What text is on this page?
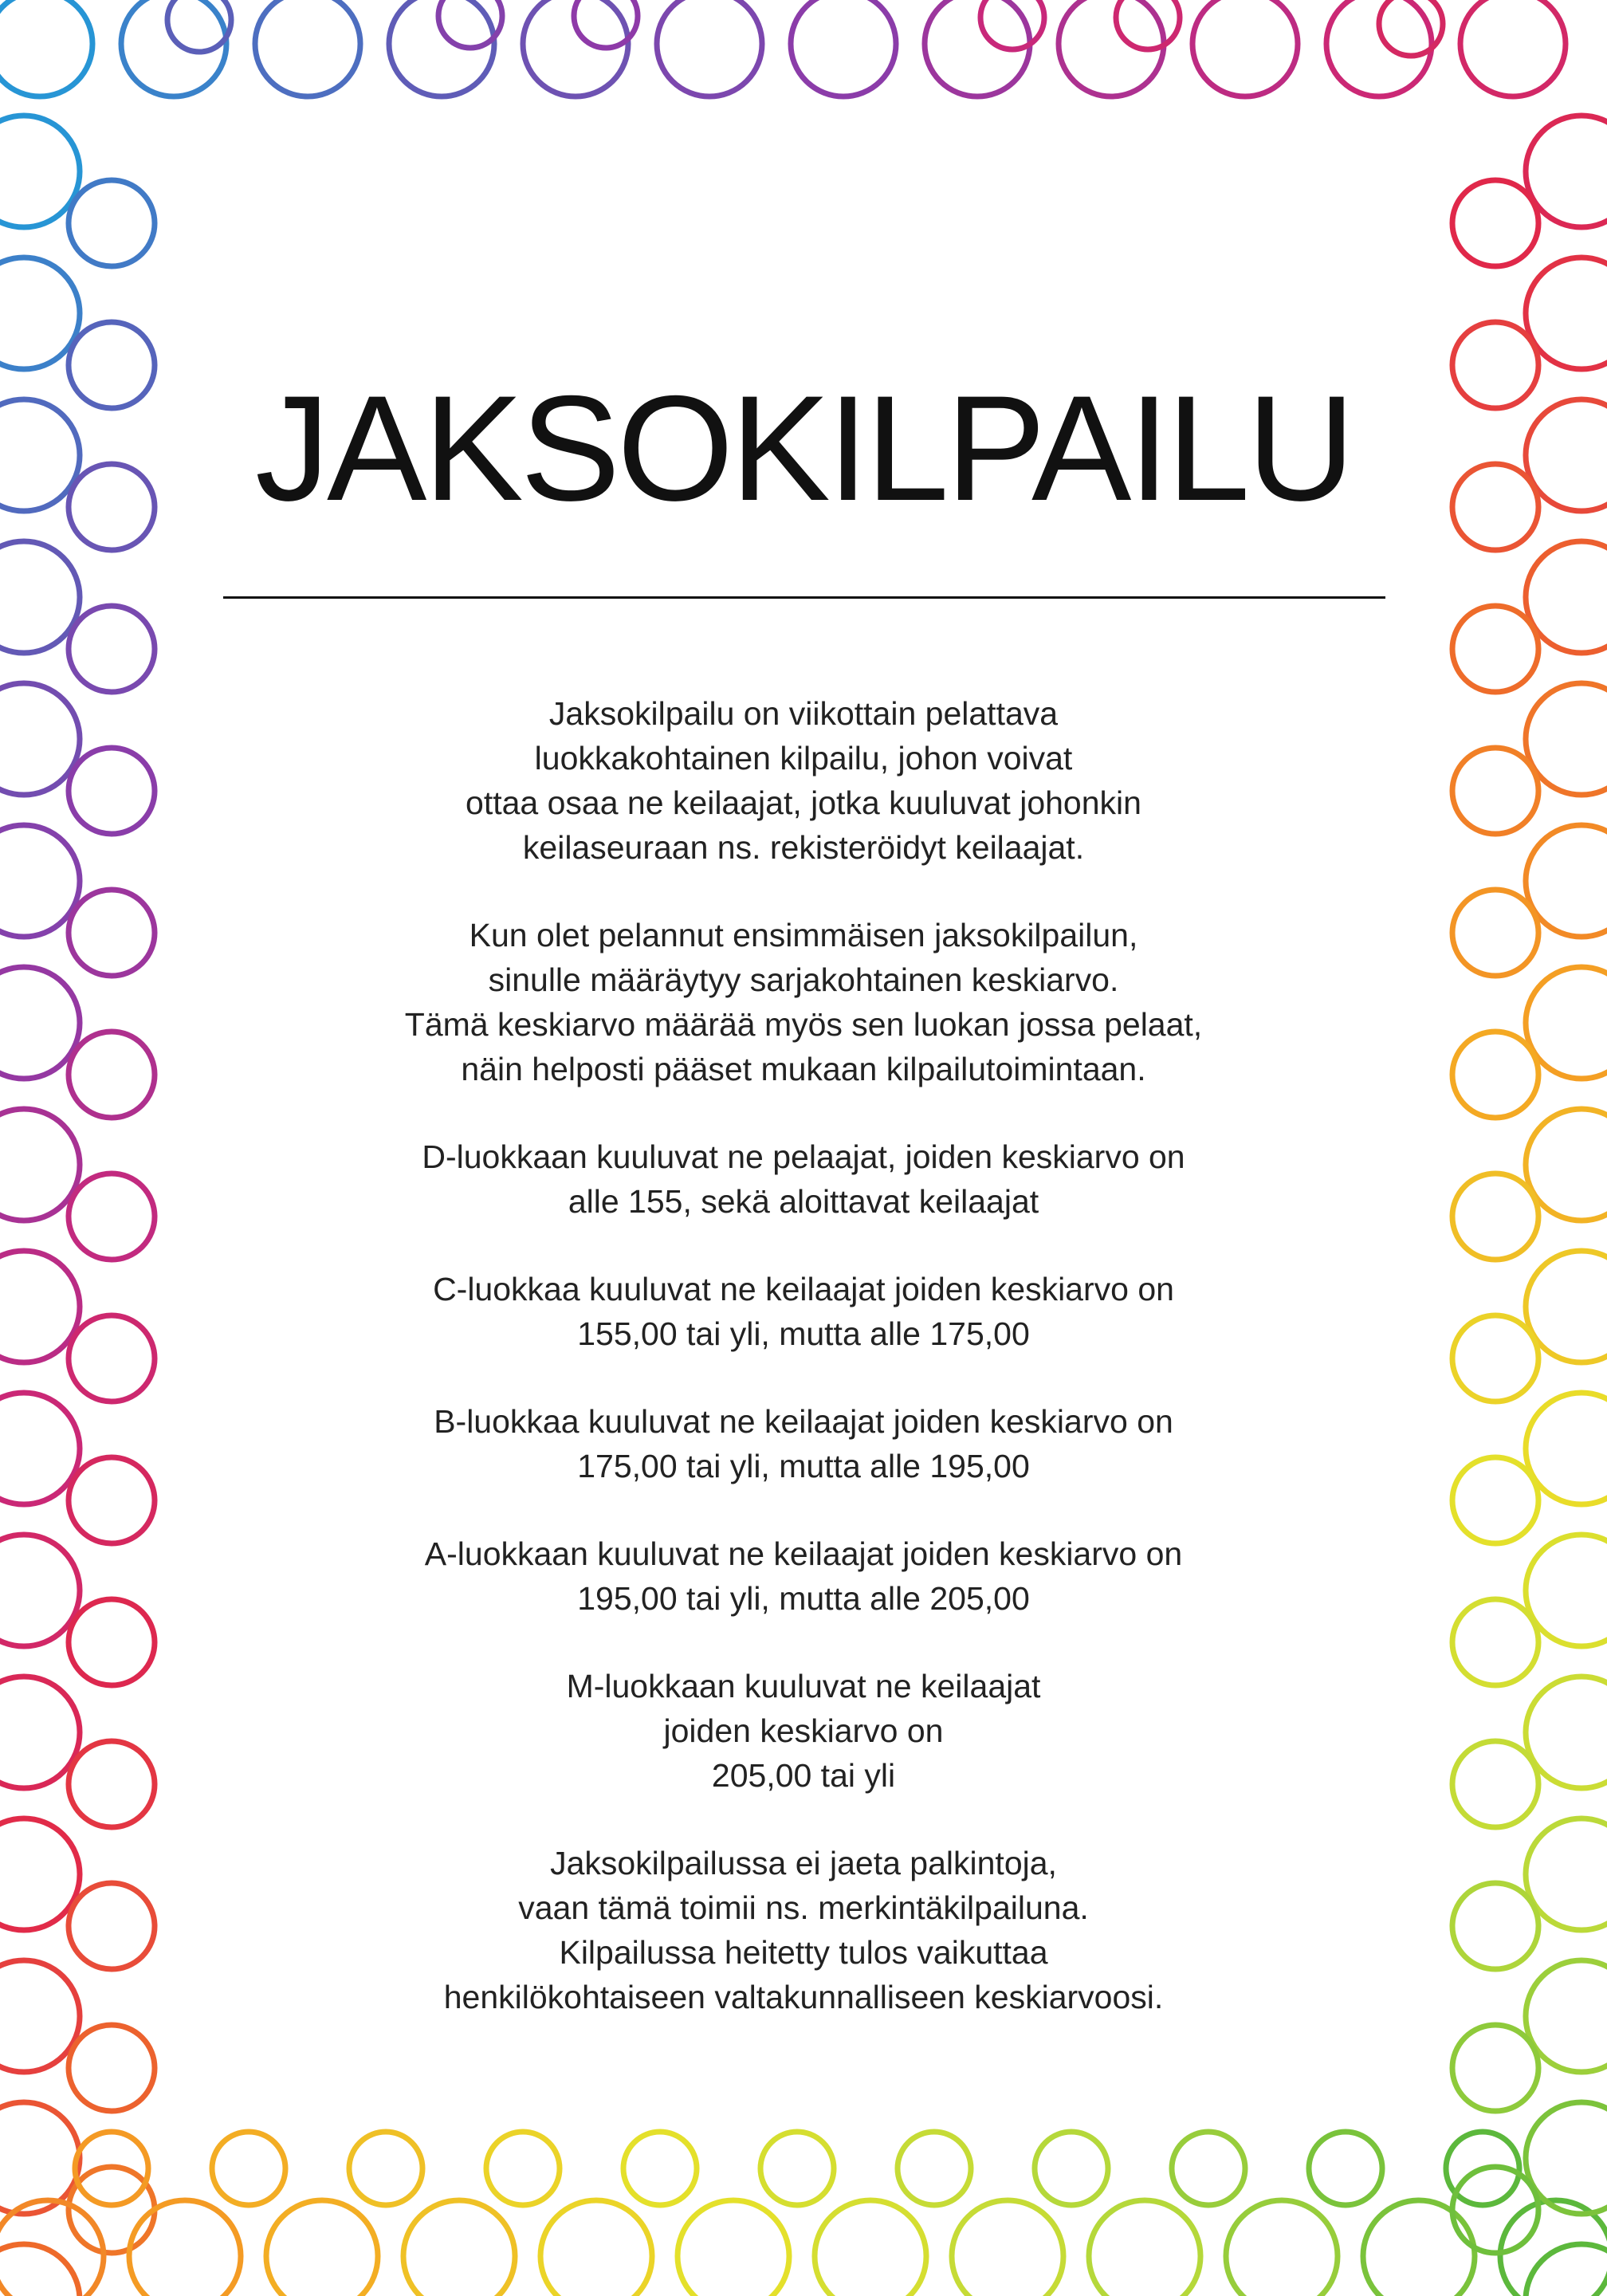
JAKSOKILPAILU

Jaksokilpailu on viikottain pelattava
luokkakohtainen kilpailu, johon voivat
ottaa osaa ne keilaajat, jotka kuuluvat johonkin
keilaseuraan ns. rekisteröidyt keilaajat.

Kun olet pelannut ensimmäisen jaksokilpailun,
sinulle määräytyy sarjakohtainen keskiarvo.
Tämä keskiarvo määrää myös sen luokan jossa pelaat,
näin helposti pääset mukaan kilpailutoimintaan.

D-luokkaan kuuluvat ne pelaajat, joiden keskiarvo on
alle 155, sekä aloittavat keilaajat

C-luokkaa kuuluvat ne keilaajat joiden keskiarvo on
155,00 tai yli, mutta alle 175,00

B-luokkaa kuuluvat ne keilaajat joiden keskiarvo on
175,00 tai yli, mutta alle 195,00

A-luokkaan kuuluvat ne keilaajat joiden keskiarvo on
195,00 tai yli, mutta alle 205,00

M-luokkaan kuuluvat ne keilaajat
joiden keskiarvo on
205,00 tai yli

Jaksokilpailussa ei jaeta palkintoja,
vaan tämä toimii ns. merkintäkilpailuna.
Kilpailussa heitetty tulos vaikuttaa
henkilökohtaiseen valtakunnalliseen keskiarvoosi.
